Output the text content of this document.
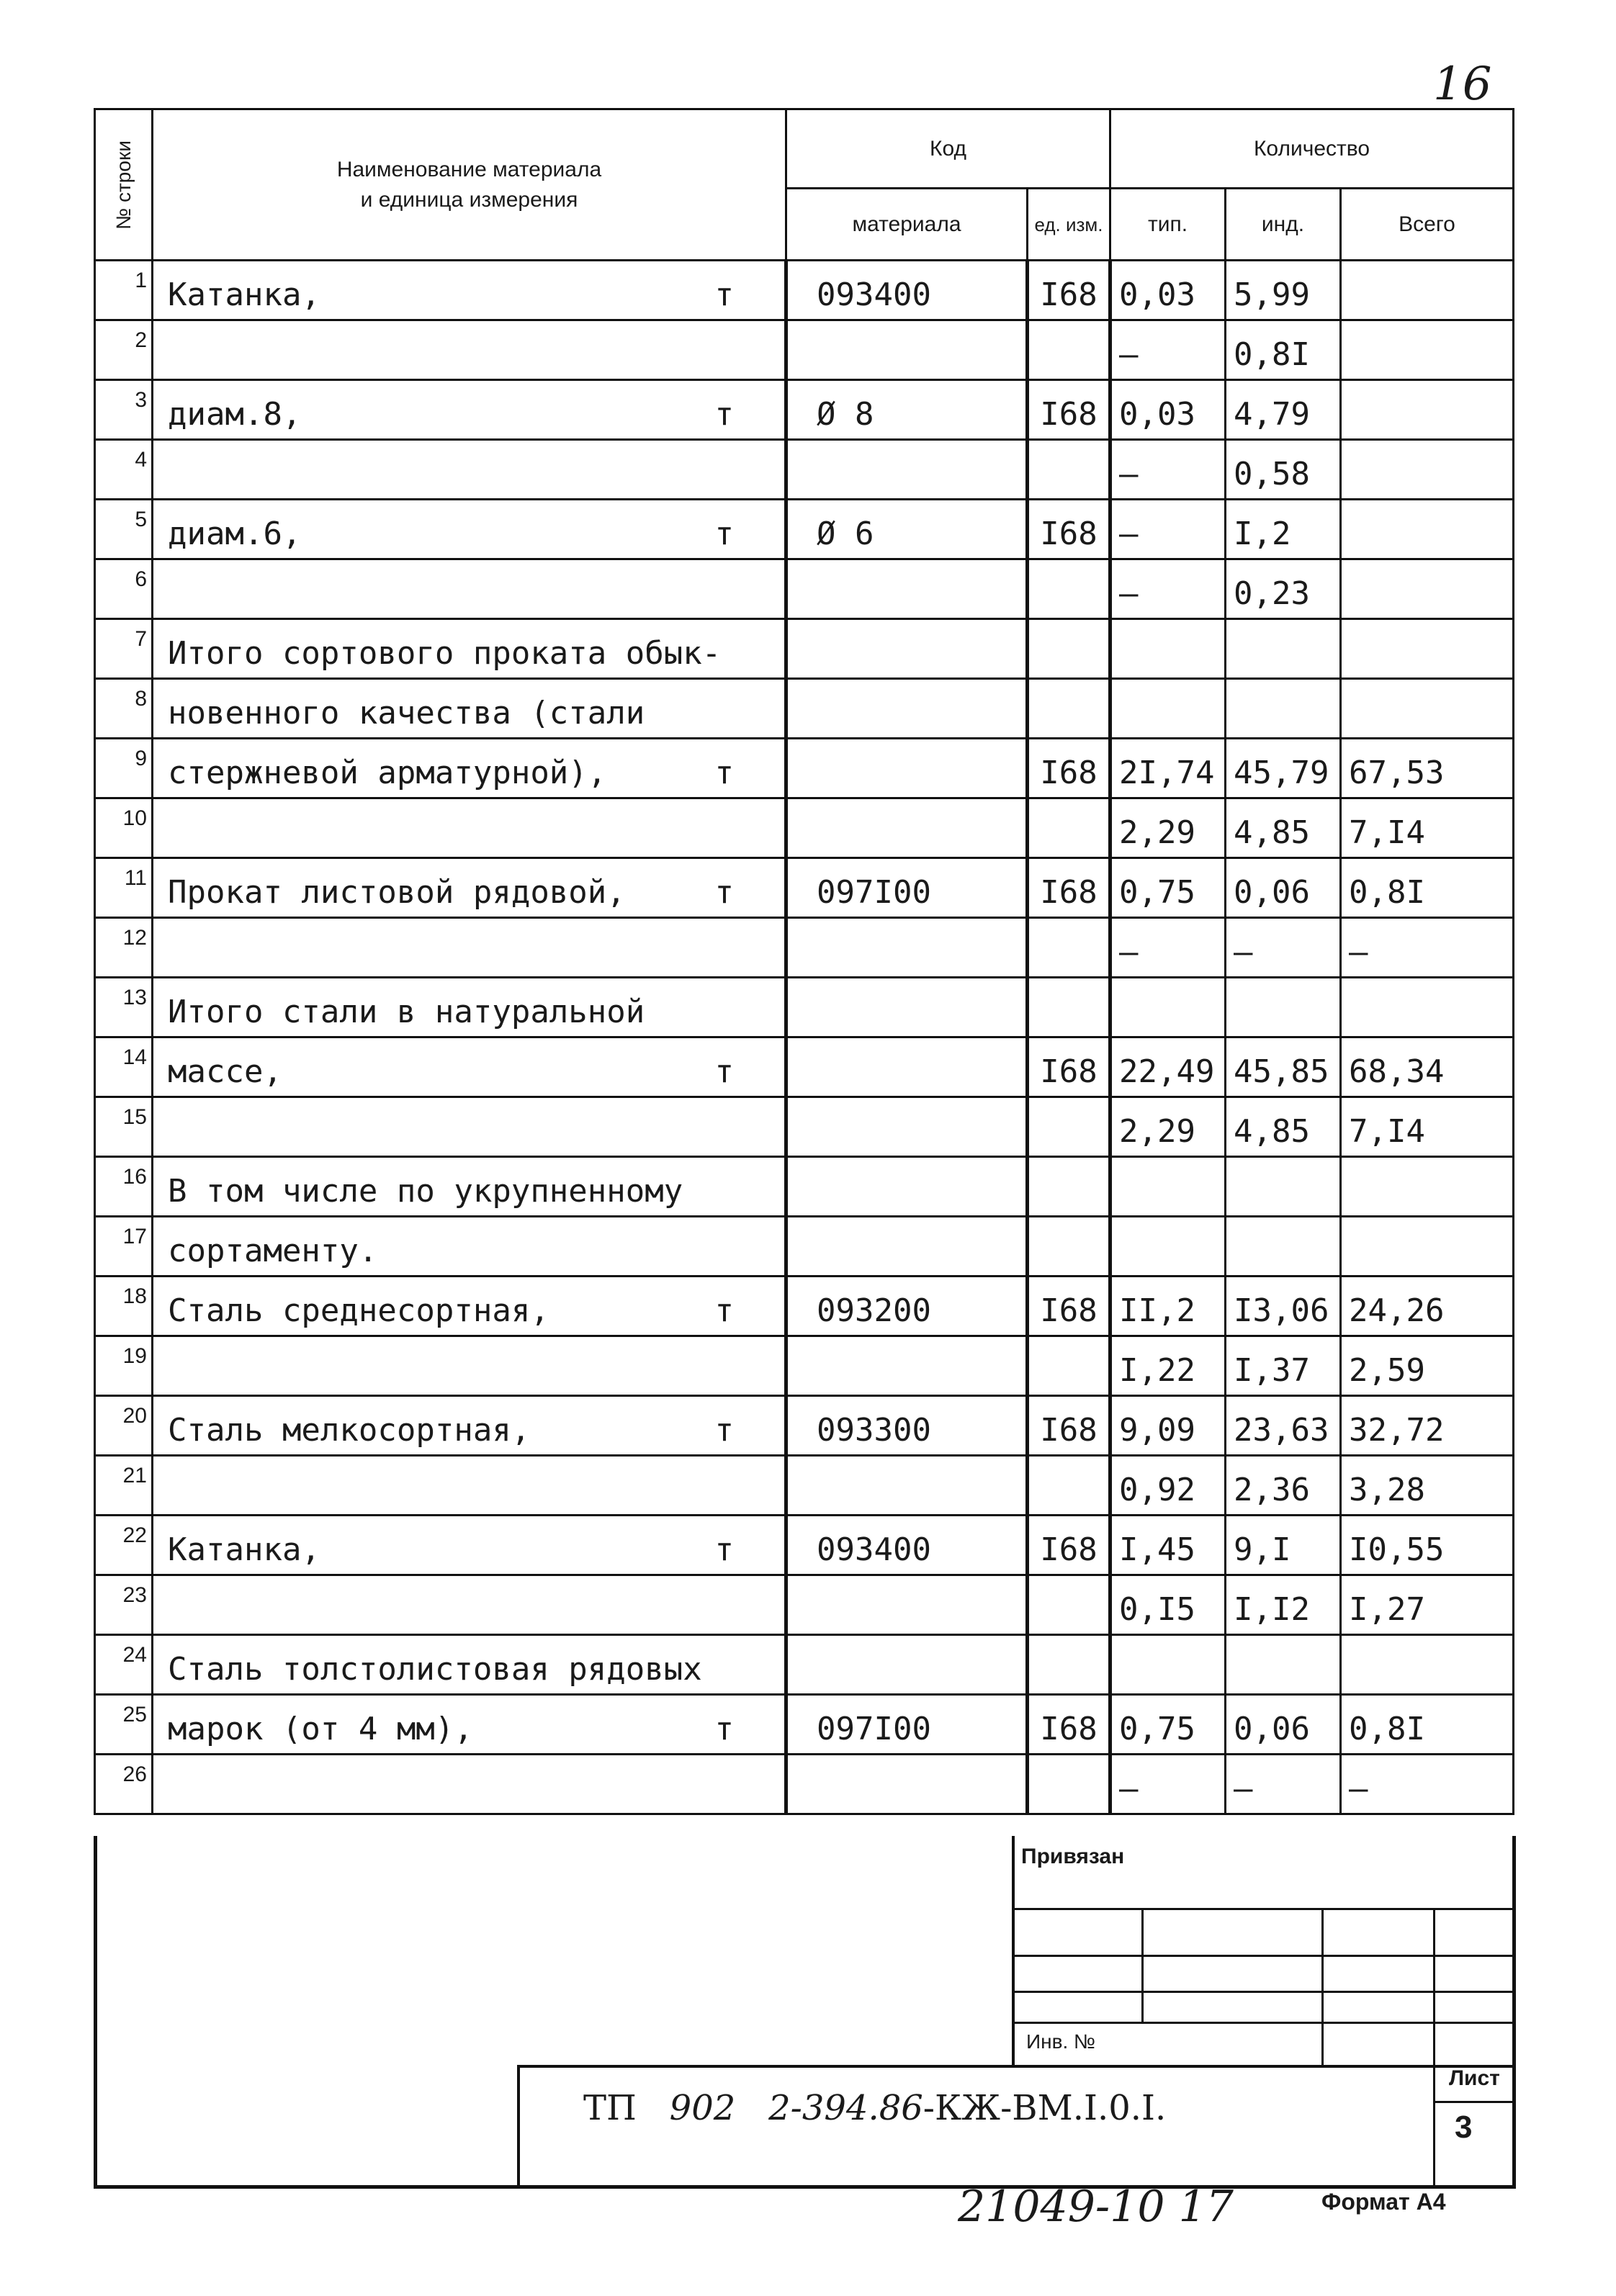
16
№ строки	Наименование материала
и единица измерения	Код		Количество		
		материала	ед. изм.	тип.	инд.	Всего
1	Катанка, т	093400	I68	0,03	5,99	
2				–	0,8I	
3	диам.8, т	Ø 8	I68	0,03	4,79	
4				–	0,58	
5	диам.6, т	Ø 6	I68	–	I,2	
6				–	0,23	
7	Итого сортового проката обык-

8	новенного качества (стали

9	стержневой арматурной), т		I68	2I,74	45,79	67,53
10				2,29	4,85	7,I4
11	Прокат листовой рядовой, т	097I00	I68	0,75	0,06	0,8I
12				–	–	–
13	Итого стали в натуральной

14	массе, т		I68	22,49	45,85	68,34
15				2,29	4,85	7,I4
16	В том числе по укрупненному

17	сортаменту.

18	Сталь среднесортная, т	093200	I68	II,2	I3,06	24,26
19				I,22	I,37	2,59
20	Сталь мелкосортная, т	093300	I68	9,09	23,63	32,72
21				0,92	2,36	3,28
22	Катанка, т	093400	I68	I,45	9,I	I0,55
23				0,I5	I,I2	I,27
24	Сталь толстолистовая рядовых

25	марок (от 4 мм), т	097I00	I68	0,75	0,06	0,8I
26				–	–	–
Привязан
Инв. №
Лист
3
ТП 902 2-394.86-КЖ-ВМ.I.0.I.
21049-10 17	Формат А4
